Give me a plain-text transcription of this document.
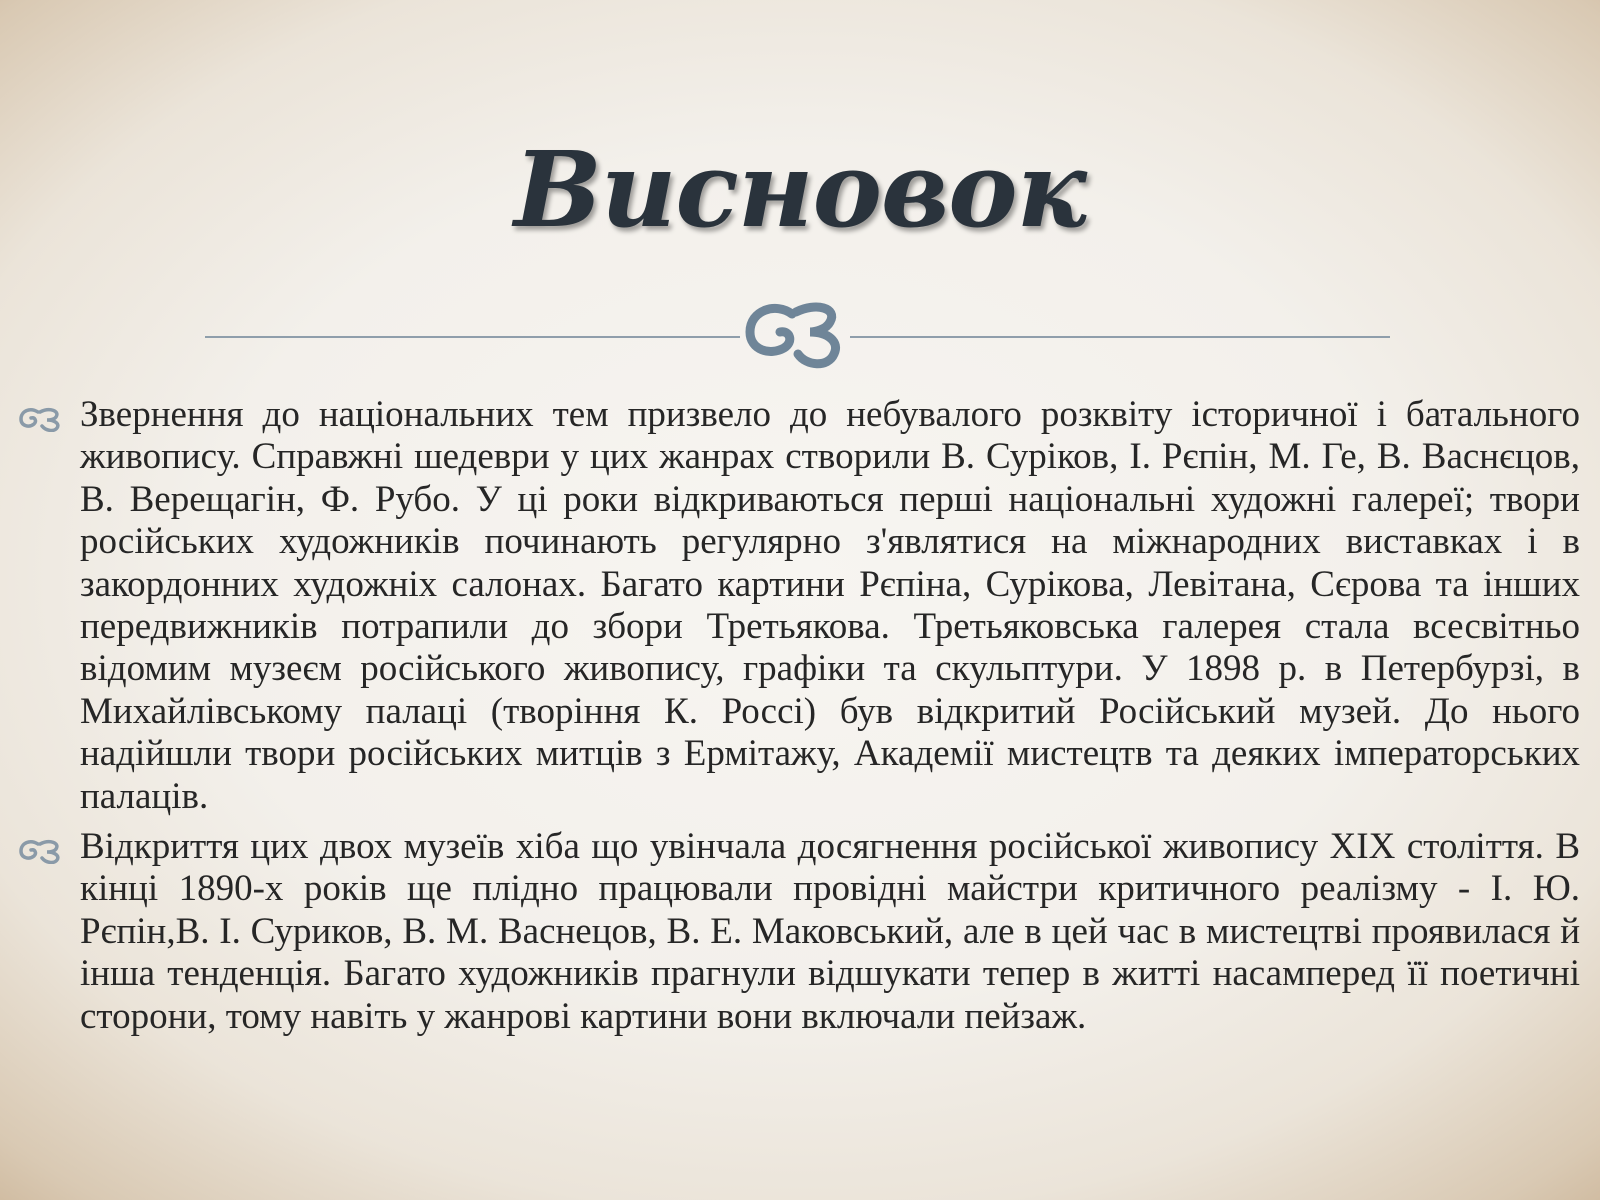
Висновок
Звернення до національних тем призвело до небувалого розквіту історичної і батального живопису. Справжні шедеври у цих жанрах створили В. Суріков, І. Рєпін, М. Ге, В. Васнєцов, В. Верещагін, Ф. Рубо. У ці роки відкриваються перші національні художні галереї; твори російських художників починають регулярно з'являтися на міжнародних виставках і в закордонних художніх салонах. Багато картини Рєпіна, Сурікова, Левітана, Сєрова та інших передвижників потрапили до збори Третьякова. Третьяковська галерея стала всесвітньо відомим музеєм російського живопису, графіки та скульптури. У 1898 р. в Петербурзі, в Михайлівському палаці (творіння К. Россі) був відкритий Російський музей. До нього надійшли твори російських митців з Ермітажу, Академії мистецтв та деяких імператорських палаців.
Відкриття цих двох музеїв хіба що увінчала досягнення російської живопису ХІХ століття. В кінці 1890-х років ще плідно працювали провідні майстри критичного реалізму - І. Ю. Рєпін,В. І. Суриков, В. М. Васнецов, В. Е. Маковський, але в цей час в мистецтві проявилася й інша тенденція. Багато художників прагнули відшукати тепер в житті насамперед її поетичні сторони, тому навіть у жанрові картини вони включали пейзаж.
